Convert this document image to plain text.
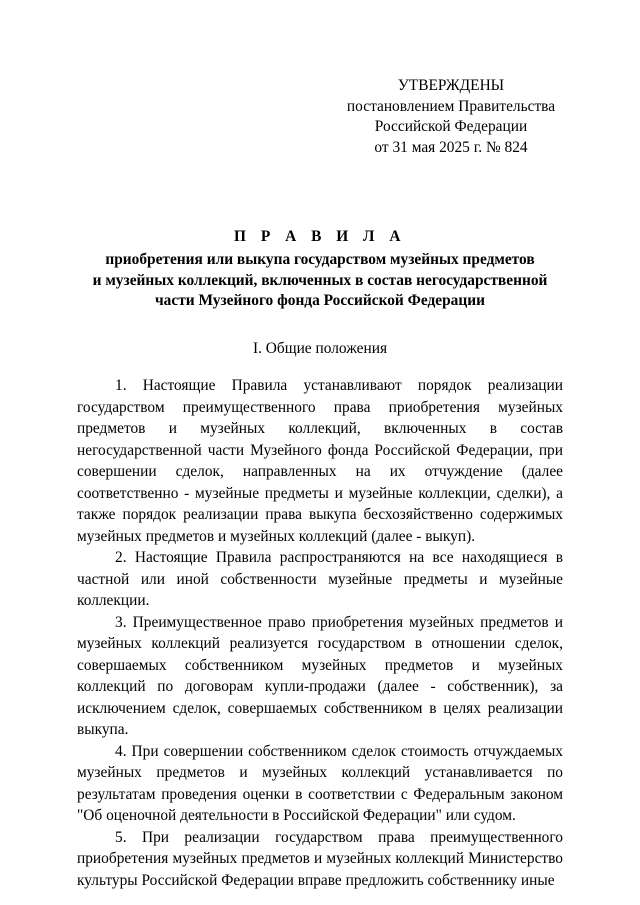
УТВЕРЖДЕНЫ
постановлением Правительства
Российской Федерации
от 31 мая 2025 г. № 824
П Р А В И Л А
приобретения или выкупа государством музейных предметов
и музейных коллекций, включенных в состав негосударственной
части Музейного фонда Российской Федерации
I. Общие положения

1. Настоящие Правила устанавливают порядок реализации государством преимущественного права приобретения музейных предметов и музейных коллекций, включенных в состав негосударственной части Музейного фонда Российской Федерации, при совершении сделок, направленных на их отчуждение (далее соответственно - музейные предметы и музейные коллекции, сделки), а также порядок реализации права выкупа бесхозяйственно содержимых музейных предметов и музейных коллекций (далее - выкуп).

2. Настоящие Правила распространяются на все находящиеся в частной или иной собственности музейные предметы и музейные коллекции.

3. Преимущественное право приобретения музейных предметов и музейных коллекций реализуется государством в отношении сделок, совершаемых собственником музейных предметов и музейных коллекций по договорам купли-продажи (далее - собственник), за исключением сделок, совершаемых собственником в целях реализации выкупа.

4. При совершении собственником сделок стоимость отчуждаемых музейных предметов и музейных коллекций устанавливается по результатам проведения оценки в соответствии с Федеральным законом "Об оценочной деятельности в Российской Федерации" или судом.

5. При реализации государством права преимущественного приобретения музейных предметов и музейных коллекций Министерство культуры Российской Федерации вправе предложить собственнику иные
